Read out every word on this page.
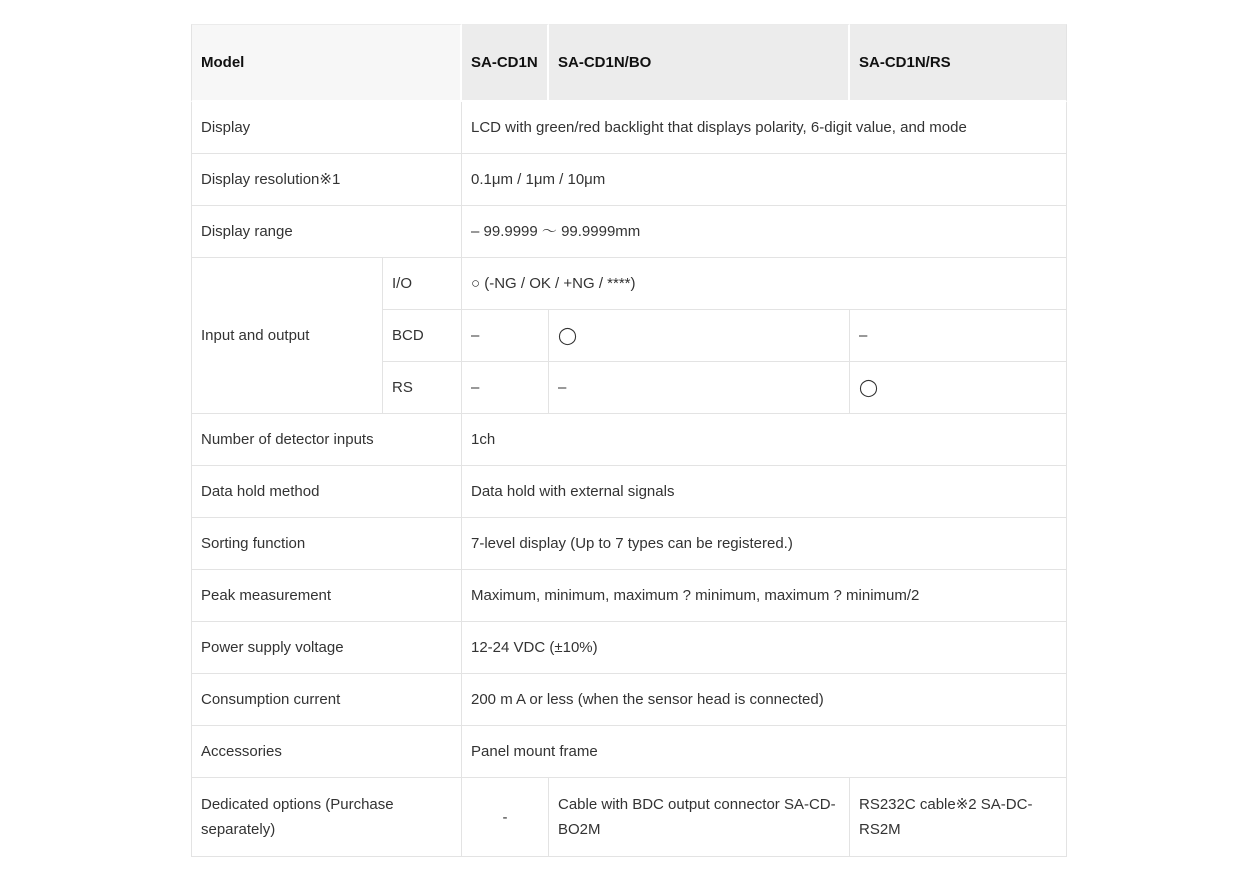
Model		SA-CD1N	SA-CD1N/BO	SA-CD1N/RS
Display		LCD with green/red backlight that displays polarity, 6-digit value, and mode		
Display resolution※1		0.1μm / 1μm / 10μm		
Display range		– 99.9999 〜 99.9999mm		
Input and output	I/O	○ (-NG / OK / +NG / ****)		
	BCD	–	◯	–
	RS	–	–	◯
Number of detector inputs		1ch		
Data hold method		Data hold with external signals		
Sorting function		7-level display (Up to 7 types can be registered.)		
Peak measurement		Maximum, minimum, maximum ? minimum, maximum ? minimum/2		
Power supply voltage		12-24 VDC (±10%)		
Consumption current		200 m A or less (when the sensor head is connected)		
Accessories		Panel mount frame		
Dedicated options (Purchase separately)		-	Cable with BDC output connector SA-CD-BO2M	RS232C cable※2 SA-DC-RS2M
